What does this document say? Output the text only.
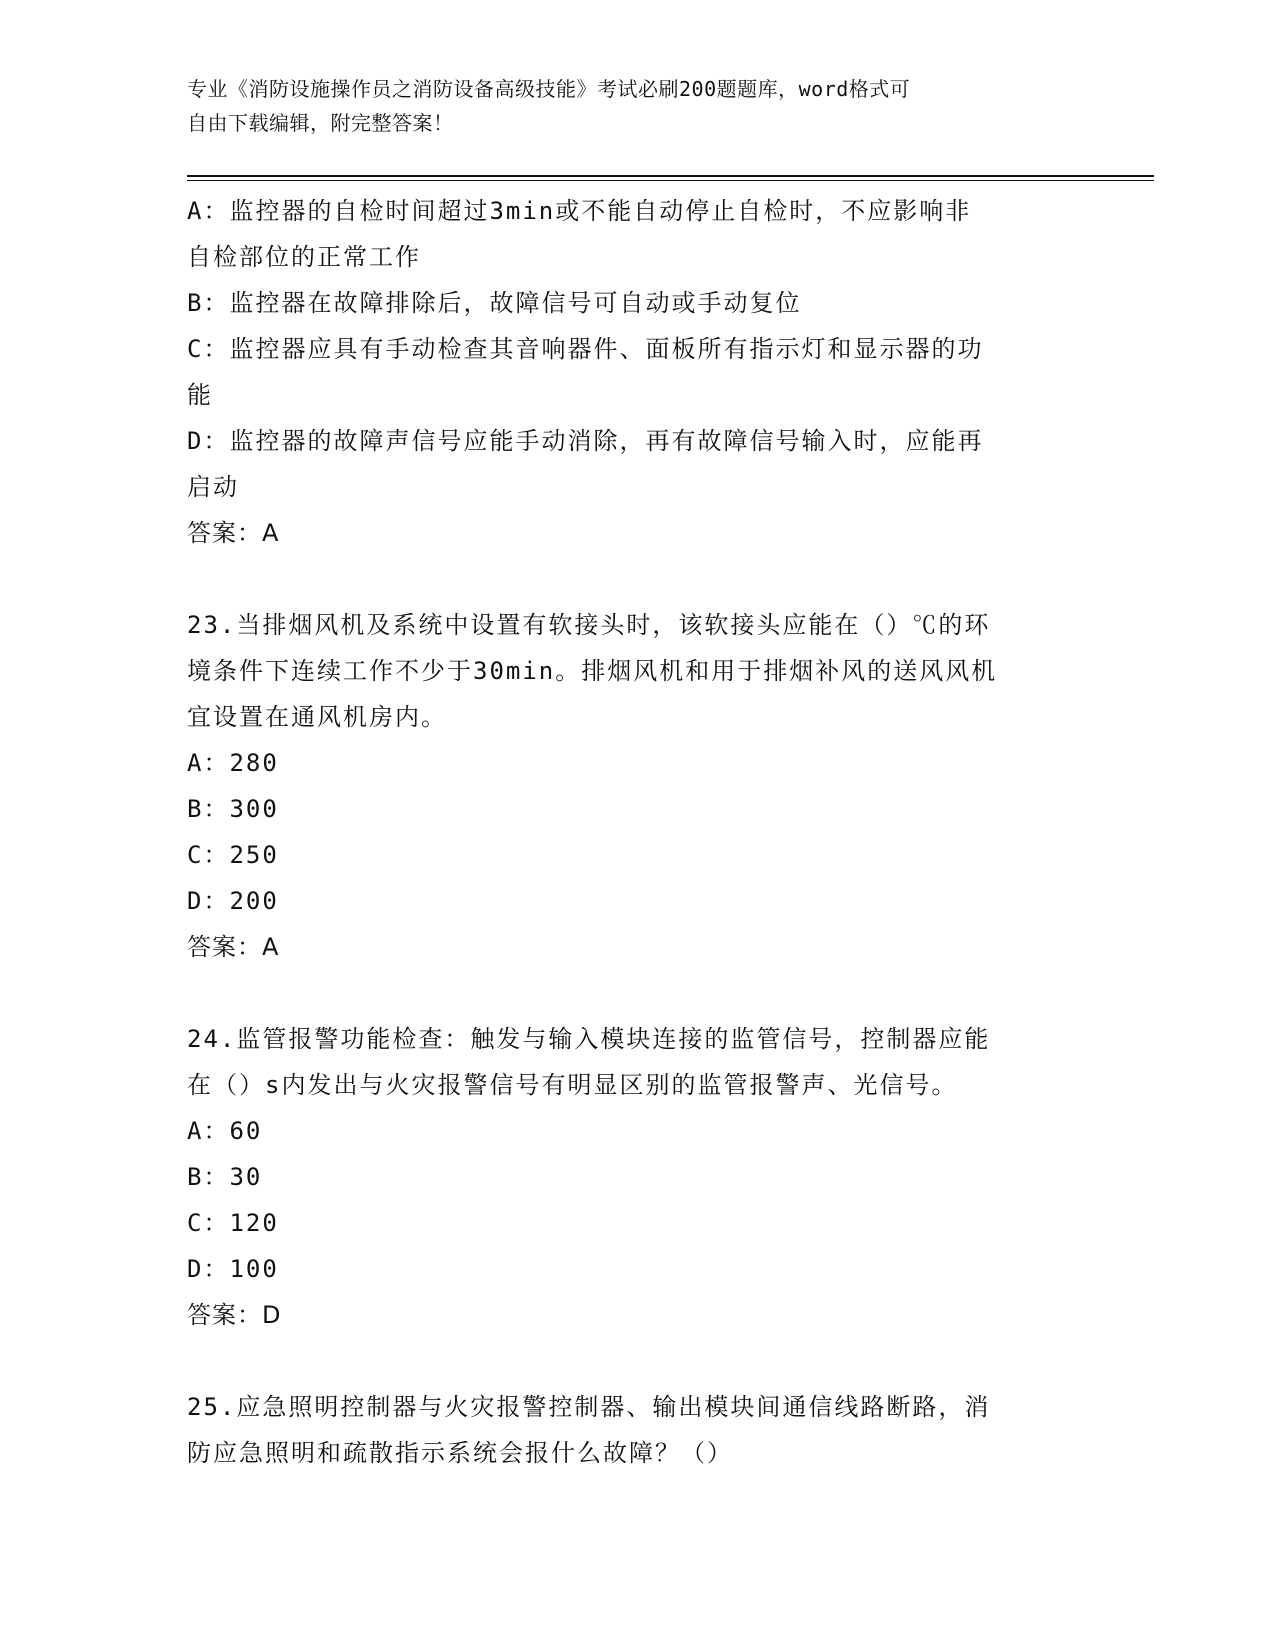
专业《消防设施操作员之消防设备高级技能》考试必刷200题题库，word格式可

自由下载编辑，附完整答案！

A：监控器的自检时间超过3min或不能自动停止自检时，不应影响非

自检部位的正常工作

B：监控器在故障排除后，故障信号可自动或手动复位

C：监控器应具有手动检查其音响器件、面板所有指示灯和显示器的功

能

D：监控器的故障声信号应能手动消除，再有故障信号输入时，应能再

启动

答案：A

23.当排烟风机及系统中设置有软接头时，该软接头应能在（）℃的环

境条件下连续工作不少于30min。排烟风机和用于排烟补风的送风风机

宜设置在通风机房内。

A：280

B：300

C：250

D：200

答案：A

24.监管报警功能检查：触发与输入模块连接的监管信号，控制器应能

在（）s内发出与火灾报警信号有明显区别的监管报警声、光信号。

A：60

B：30

C：120

D：100

答案：D

25.应急照明控制器与火灾报警控制器、输出模块间通信线路断路，消

防应急照明和疏散指示系统会报什么故障？（）
